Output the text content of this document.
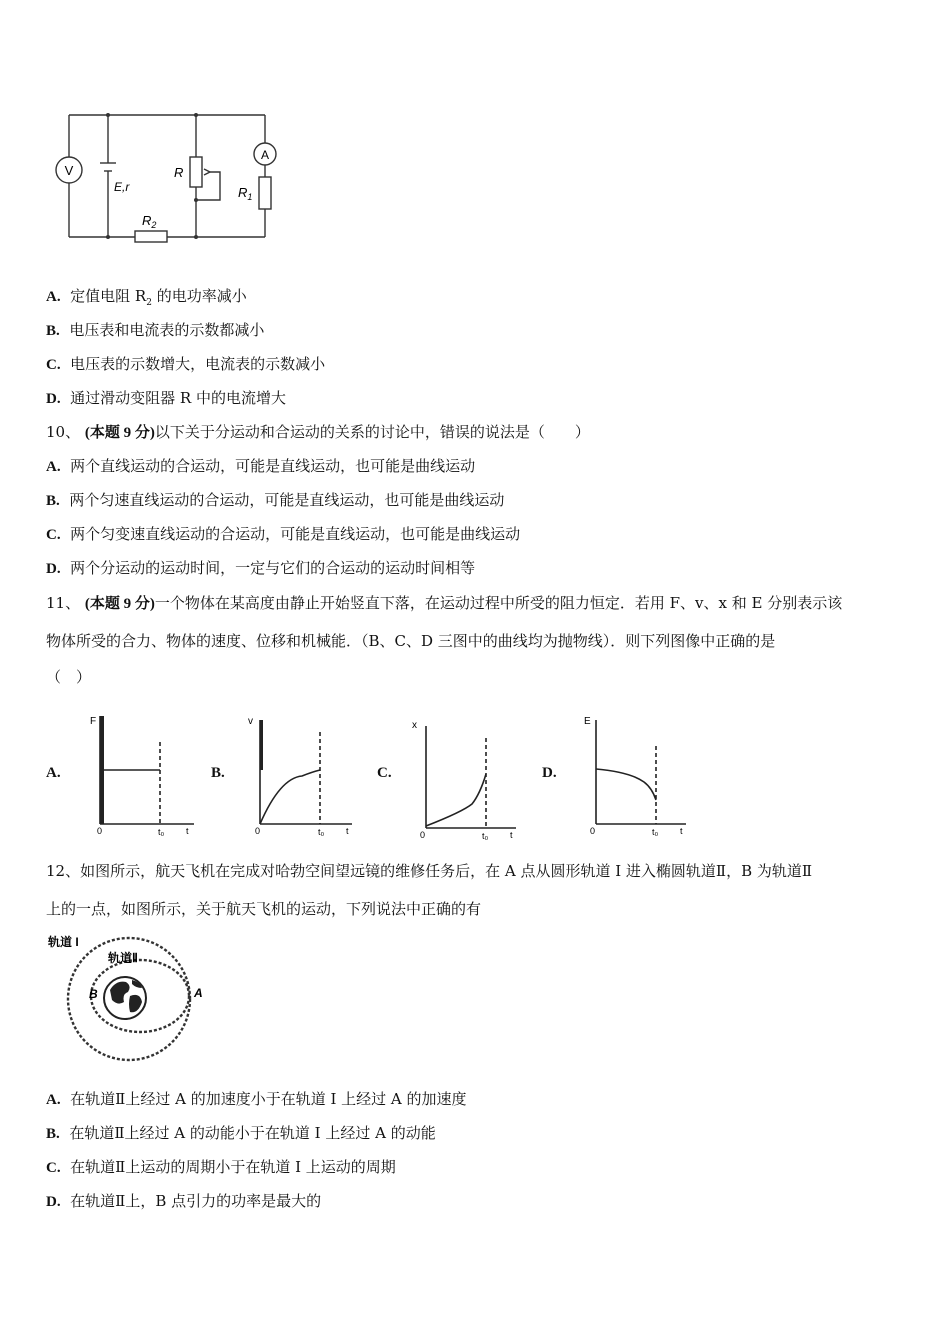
V
A
E,r
R
$R_1$
$R_2$
A. 定值电阻 $R_2$ 的电功率减小
B. 电压表和电流表的示数都减小
C. 电压表的示数增大，电流表的示数减小
D. 通过滑动变阻器 R 中的电流增大
10、 (本题 9 分)以下关于分运动和合运动的关系的讨论中，错误的说法是（　　）
A. 两个直线运动的合运动，可能是直线运动，也可能是曲线运动
B. 两个匀速直线运动的合运动，可能是直线运动，也可能是曲线运动
C. 两个匀变速直线运动的合运动，可能是直线运动，也可能是曲线运动
D. 两个分运动的运动时间，一定与它们的合运动的运动时间相等
11、 (本题 9 分)一个物体在某高度由静止开始竖直下落，在运动过程中所受的阻力恒定．若用 F、v、x 和 E 分别表示该
物体所受的合力、物体的速度、位移和机械能．（B、C、D 三图中的曲线均为抛物线）．则下列图像中正确的是
（　）
A.	B.	C.	D.
F
0	t₀ t
v
0	t₀ t
x
0	t₀ t
E
0	t₀ t
12、如图所示，航天飞机在完成对哈勃空间望远镜的维修任务后，在 A 点从圆形轨道 I 进入椭圆轨道Ⅱ，B 为轨道Ⅱ
上的一点，如图所示，关于航天飞机的运动，下列说法中正确的有
轨道 I
轨道Ⅱ
B	A
A. 在轨道Ⅱ上经过 A 的加速度小于在轨道 I 上经过 A 的加速度
B. 在轨道Ⅱ上经过 A 的动能小于在轨道 I 上经过 A 的动能
C. 在轨道Ⅱ上运动的周期小于在轨道 I 上运动的周期
D. 在轨道Ⅱ上，B 点引力的功率是最大的
